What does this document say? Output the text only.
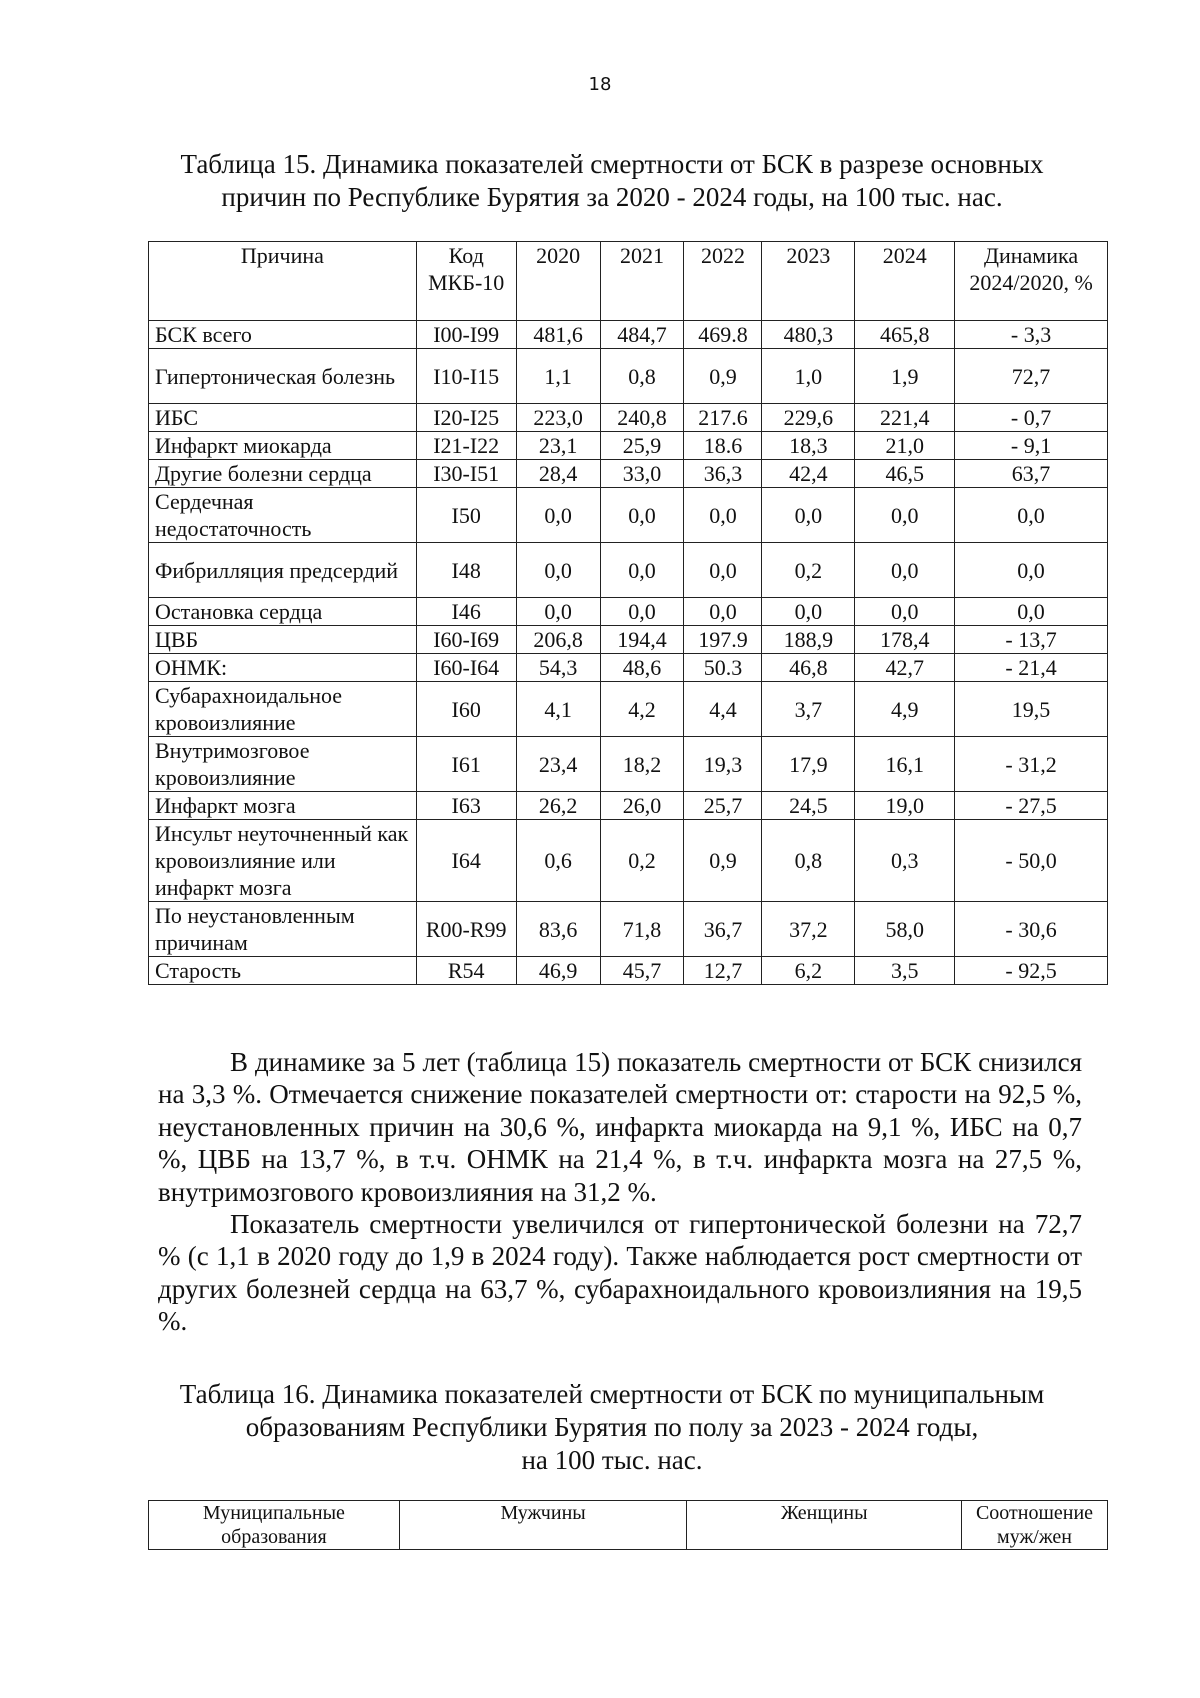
18
Таблица 15. Динамика показателей смертности от БСК в разрезе основных
причин по Республике Бурятия за 2020 - 2024 годы, на 100 тыс. нас.
Причина	Код МКБ-10	2020	2021	2022	2023	2024	Динамика 2024/2020, %
БСК всего	I00-I99	481,6	484,7	469.8	480,3	465,8	- 3,3
Гипертоническая болезнь	I10-I15	1,1	0,8	0,9	1,0	1,9	72,7
ИБС	I20-I25	223,0	240,8	217.6	229,6	221,4	- 0,7
Инфаркт миокарда	I21-I22	23,1	25,9	18.6	18,3	21,0	- 9,1
Другие болезни сердца	I30-I51	28,4	33,0	36,3	42,4	46,5	63,7
Сердечная недостаточность	I50	0,0	0,0	0,0	0,0	0,0	0,0
Фибрилляция предсердий	I48	0,0	0,0	0,0	0,2	0,0	0,0
Остановка сердца	I46	0,0	0,0	0,0	0,0	0,0	0,0
ЦВБ	I60-I69	206,8	194,4	197.9	188,9	178,4	- 13,7
ОНМК:	I60-I64	54,3	48,6	50.3	46,8	42,7	- 21,4
Субарахноидальное кровоизлияние	I60	4,1	4,2	4,4	3,7	4,9	19,5
Внутримозговое кровоизлияние	I61	23,4	18,2	19,3	17,9	16,1	- 31,2
Инфаркт мозга	I63	26,2	26,0	25,7	24,5	19,0	- 27,5
Инсульт неуточненный как кровоизлияние или инфаркт мозга	I64	0,6	0,2	0,9	0,8	0,3	- 50,0
По неустановленным причинам	R00-R99	83,6	71,8	36,7	37,2	58,0	- 30,6
Старость	R54	46,9	45,7	12,7	6,2	3,5	- 92,5

В динамике за 5 лет (таблица 15) показатель смертности от БСК снизился на 3,3 %. Отмечается снижение показателей смертности от: старости на 92,5 %, неустановленных причин на 30,6 %, инфаркта миокарда на 9,1 %, ИБС на 0,7 %, ЦВБ на 13,7 %, в т.ч. ОНМК на 21,4 %, в т.ч. инфаркта мозга на 27,5 %, внутримозгового кровоизлияния на 31,2 %.

Показатель смертности увеличился от гипертонической болезни на 72,7 % (с 1,1 в 2020 году до 1,9 в 2024 году). Также наблюдается рост смертности от других болезней сердца на 63,7 %, субарахноидального кровоизлияния на 19,5 %.

Таблица 16. Динамика показателей смертности от БСК по муниципальным
образованиям Республики Бурятия по полу за 2023 - 2024 годы,
на 100 тыс. нас.
Муниципальные образования	Мужчины	Женщины	Соотношение муж/жен
